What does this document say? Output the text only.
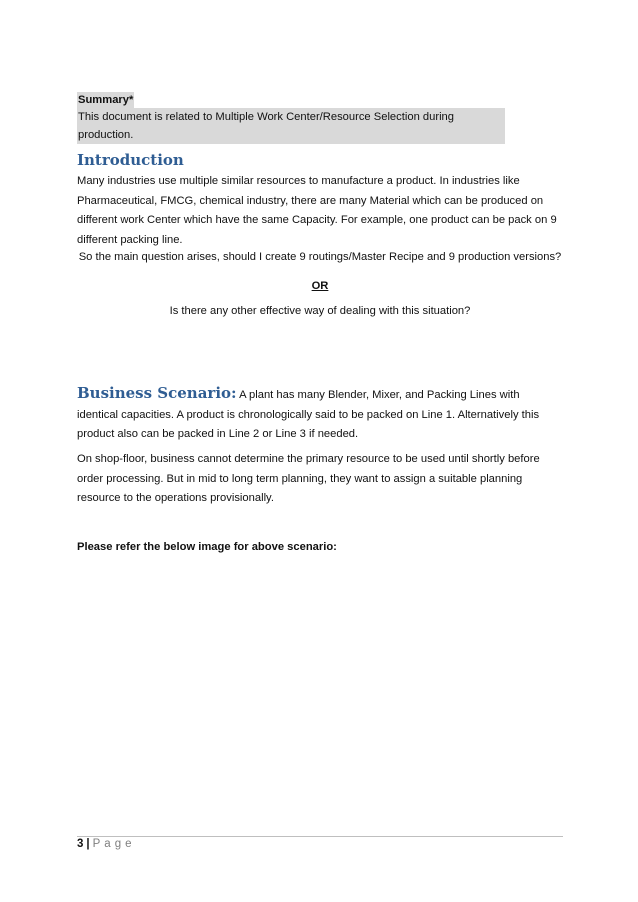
Summary*
This document is related to Multiple Work Center/Resource Selection during production.
Introduction
Many industries use multiple similar resources to manufacture a product. In industries like Pharmaceutical, FMCG, chemical industry, there are many Material which can be produced on different work Center which have the same Capacity. For example, one product can be pack on 9 different packing line.
So the main question arises, should I create 9 routings/Master Recipe and 9 production versions?
OR
Is there any other effective way of dealing with this situation?
Business Scenario: A plant has many Blender, Mixer, and Packing Lines with identical capacities. A product is chronologically said to be packed on Line 1. Alternatively this product also can be packed in Line 2 or Line 3 if needed.
On shop-floor, business cannot determine the primary resource to be used until shortly before order processing. But in mid to long term planning, they want to assign a suitable planning resource to the operations provisionally.
Please refer the below image for above scenario:
3 | Page
